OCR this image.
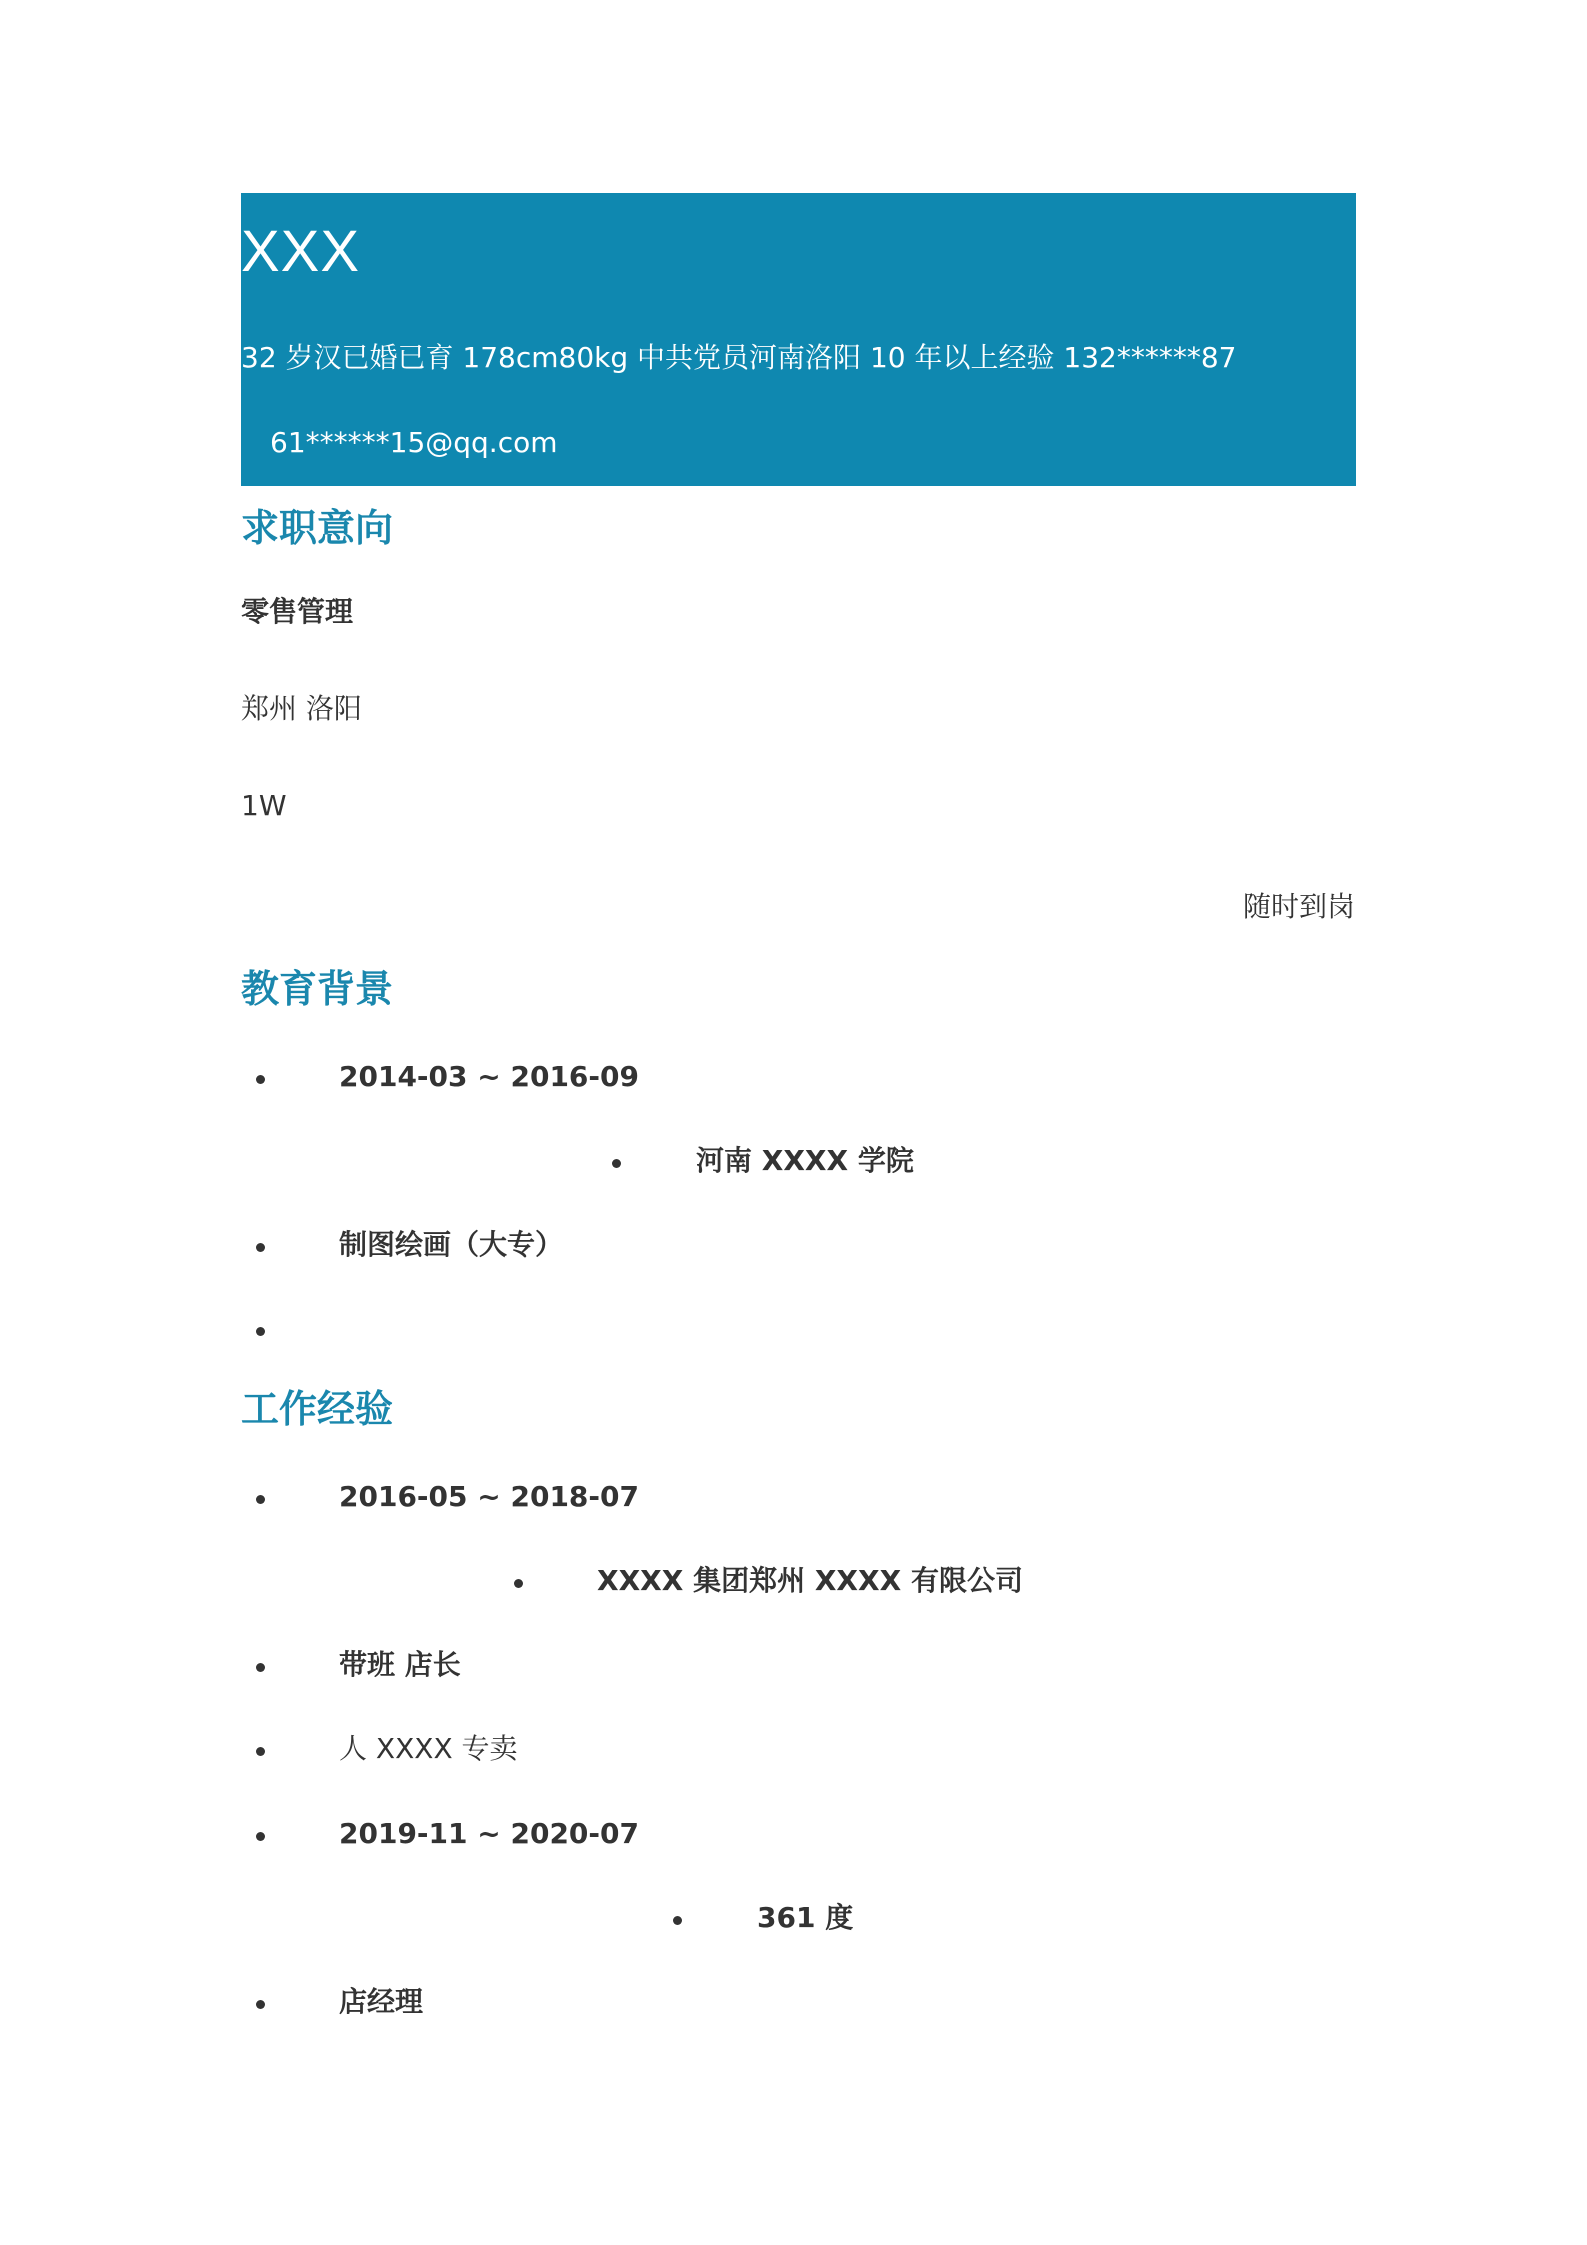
XXX
32 岁汉已婚已育 178cm80kg 中共党员河南洛阳 10 年以上经验 132******87
61******15@qq.com
求职意向
零售管理
郑州 洛阳
1W
随时到岗
教育背景
2014-03 ~ 2016-09
河南 XXXX 学院
制图绘画（大专）
工作经验
2016-05 ~ 2018-07
XXXX 集团郑州 XXXX 有限公司
带班 店长
人 XXXX 专卖
2019-11 ~ 2020-07
361 度
店经理
